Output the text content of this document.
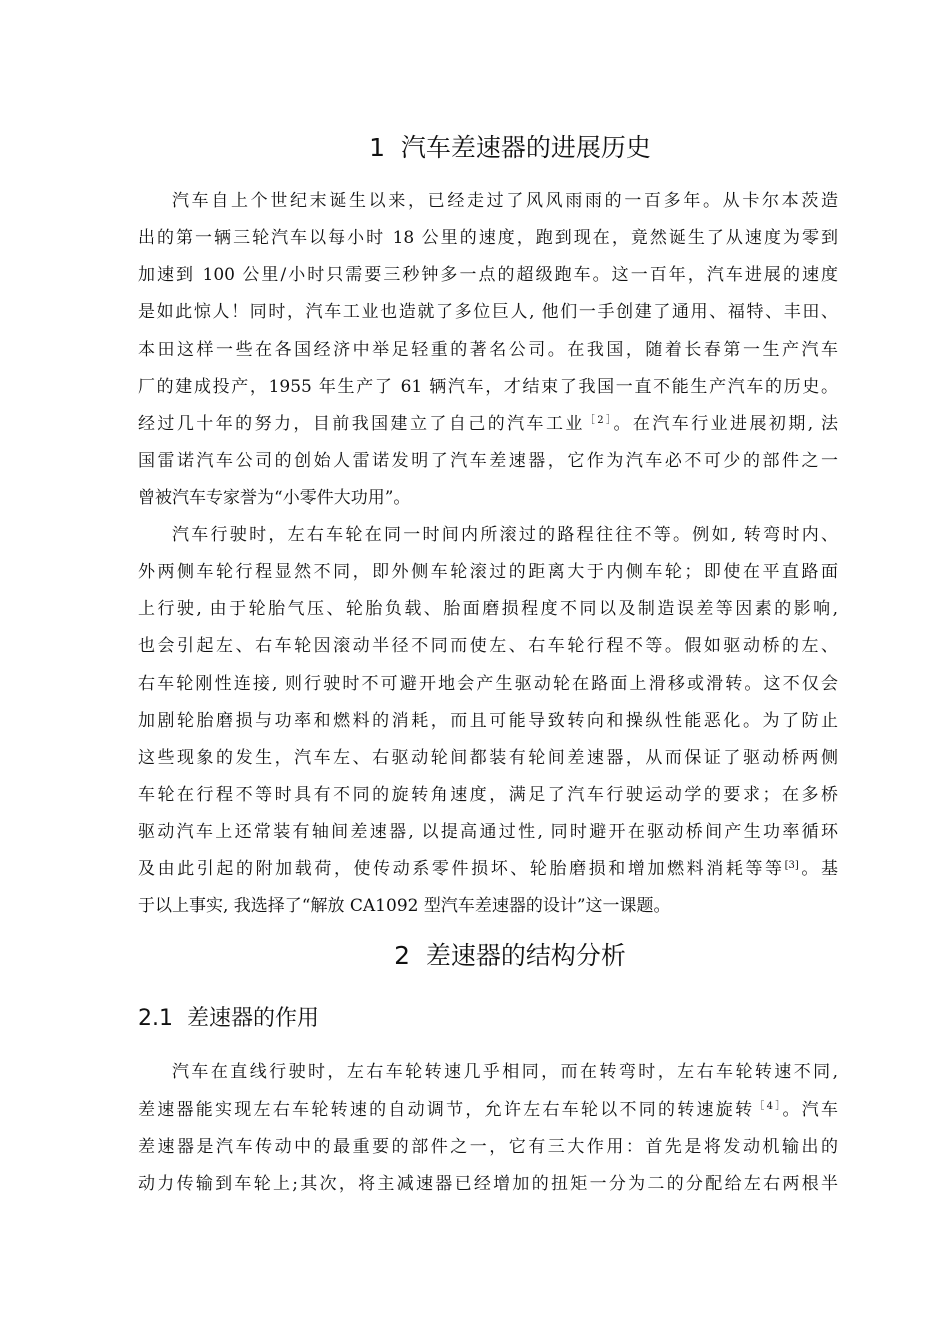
1 汽车差速器的进展历史
汽车自上个世纪末诞生以来，已经走过了风风雨雨的一百多年。从卡尔本茨造
出的第一辆三轮汽车以每小时 18 公里的速度，跑到现在，竟然诞生了从速度为零到
加速到 100 公里/小时只需要三秒钟多一点的超级跑车。这一百年，汽车进展的速度
是如此惊人！同时，汽车工业也造就了多位巨人, 他们一手创建了通用、福特、丰田、
本田这样一些在各国经济中举足轻重的著名公司。在我国，随着长春第一生产汽车
厂的建成投产，1955 年生产了 61 辆汽车，才结束了我国一直不能生产汽车的历史。
经过几十年的努力，目前我国建立了自己的汽车工业$^{[2]}$。在汽车行业进展初期, 法
国雷诺汽车公司的创始人雷诺发明了汽车差速器，它作为汽车必不可少的部件之一
曾被汽车专家誉为“小零件大功用”。
汽车行驶时，左右车轮在同一时间内所滚过的路程往往不等。例如, 转弯时内、
外两侧车轮行程显然不同，即外侧车轮滚过的距离大于内侧车轮；即使在平直路面
上行驶, 由于轮胎气压、轮胎负载、胎面磨损程度不同以及制造误差等因素的影响,
也会引起左、右车轮因滚动半径不同而使左、右车轮行程不等。假如驱动桥的左、
右车轮刚性连接, 则行驶时不可避开地会产生驱动轮在路面上滑移或滑转。这不仅会
加剧轮胎磨损与功率和燃料的消耗，而且可能导致转向和操纵性能恶化。为了防止
这些现象的发生，汽车左、右驱动轮间都装有轮间差速器，从而保证了驱动桥两侧
车轮在行程不等时具有不同的旋转角速度，满足了汽车行驶运动学的要求；在多桥
驱动汽车上还常装有轴间差速器, 以提高通过性, 同时避开在驱动桥间产生功率循环
及由此引起的附加载荷，使传动系零件损坏、轮胎磨损和增加燃料消耗等等[3]。基
于以上事实, 我选择了“解放 CA1092 型汽车差速器的设计”这一课题。
2 差速器的结构分析
2.1 差速器的作用
汽车在直线行驶时，左右车轮转速几乎相同，而在转弯时，左右车轮转速不同,
差速器能实现左右车轮转速的自动调节，允许左右车轮以不同的转速旋转$^{[4]}$。汽车
差速器是汽车传动中的最重要的部件之一，它有三大作用：首先是将发动机输出的
动力传输到车轮上;其次，将主减速器已经增加的扭矩一分为二的分配给左右两根半
